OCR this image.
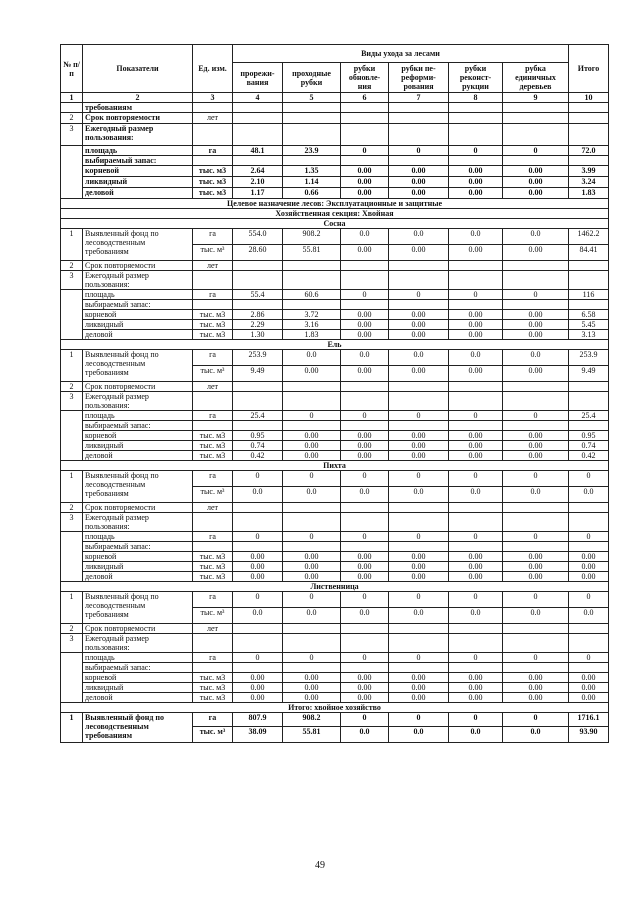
№ п/п	Показатели	Ед. изм.	Виды ухода за лесами						Итого
			прорежи-вания	проходные рубки	рубки обновле-ния	рубки пе-реформи-рования	рубки реконст-рукции	рубка единичных деревьев	
1	2	3	4	5	6	7	8	9	10
	требованиям								
2	Срок повторяемости	лет							
3	Ежегодный размер пользования:								
	площадь	га	48.1	23.9	0	0	0	0	72.0
	выбираемый запас:								
	корневой	тыс. м3	2.64	1.35	0.00	0.00	0.00	0.00	3.99
	ликвидный	тыс. м3	2.10	1.14	0.00	0.00	0.00	0.00	3.24
	деловой	тыс. м3	1.17	0.66	0.00	0.00	0.00	0.00	1.83
Целевое назначение лесов: Эксплуатационные и защитные									
Хозяйственная секция: Хвойная									
Сосна									
1	Выявленный фонд по лесоводственным требованиям	га	554.0	908.2	0.0	0.0	0.0	0.0	1462.2
		тыс. м³	28.60	55.81	0.00	0.00	0.00	0.00	84.41
2	Срок повторяемости	лет							
3	Ежегодный размер пользования:								
	площадь	га	55.4	60.6	0	0	0	0	116
	выбираемый запас:								
	корневой	тыс. м3	2.86	3.72	0.00	0.00	0.00	0.00	6.58
	ликвидный	тыс. м3	2.29	3.16	0.00	0.00	0.00	0.00	5.45
	деловой	тыс. м3	1.30	1.83	0.00	0.00	0.00	0.00	3.13
Ель									
1	Выявленный фонд по лесоводственным требованиям	га	253.9	0.0	0.0	0.0	0.0	0.0	253.9
		тыс. м³	9.49	0.00	0.00	0.00	0.00	0.00	9.49
2	Срок повторяемости	лет							
3	Ежегодный размер пользования:								
	площадь	га	25.4	0	0	0	0	0	25.4
	выбираемый запас:								
	корневой	тыс. м3	0.95	0.00	0.00	0.00	0.00	0.00	0.95
	ликвидный	тыс. м3	0.74	0.00	0.00	0.00	0.00	0.00	0.74
	деловой	тыс. м3	0.42	0.00	0.00	0.00	0.00	0.00	0.42
Пихта									
1	Выявленный фонд по лесоводственным требованиям	га	0	0	0	0	0	0	0
		тыс. м³	0.0	0.0	0.0	0.0	0.0	0.0	0.0
2	Срок повторяемости	лет							
3	Ежегодный размер пользования:								
	площадь	га	0	0	0	0	0	0	0
	выбираемый запас:								
	корневой	тыс. м3	0.00	0.00	0.00	0.00	0.00	0.00	0.00
	ликвидный	тыс. м3	0.00	0.00	0.00	0.00	0.00	0.00	0.00
	деловой	тыс. м3	0.00	0.00	0.00	0.00	0.00	0.00	0.00
Лиственница									
1	Выявленный фонд по лесоводственным требованиям	га	0	0	0	0	0	0	0
		тыс. м³	0.0	0.0	0.0	0.0	0.0	0.0	0.0
2	Срок повторяемости	лет							
3	Ежегодный размер пользования:								
	площадь	га	0	0	0	0	0	0	0
	выбираемый запас:								
	корневой	тыс. м3	0.00	0.00	0.00	0.00	0.00	0.00	0.00
	ликвидный	тыс. м3	0.00	0.00	0.00	0.00	0.00	0.00	0.00
	деловой	тыс. м3	0.00	0.00	0.00	0.00	0.00	0.00	0.00
Итого: хвойное хозяйство									
1	Выявленный фонд по лесоводственным требованиям	га	807.9	908.2	0	0	0	0	1716.1
		тыс. м³	38.09	55.81	0.0	0.0	0.0	0.0	93.90
49
